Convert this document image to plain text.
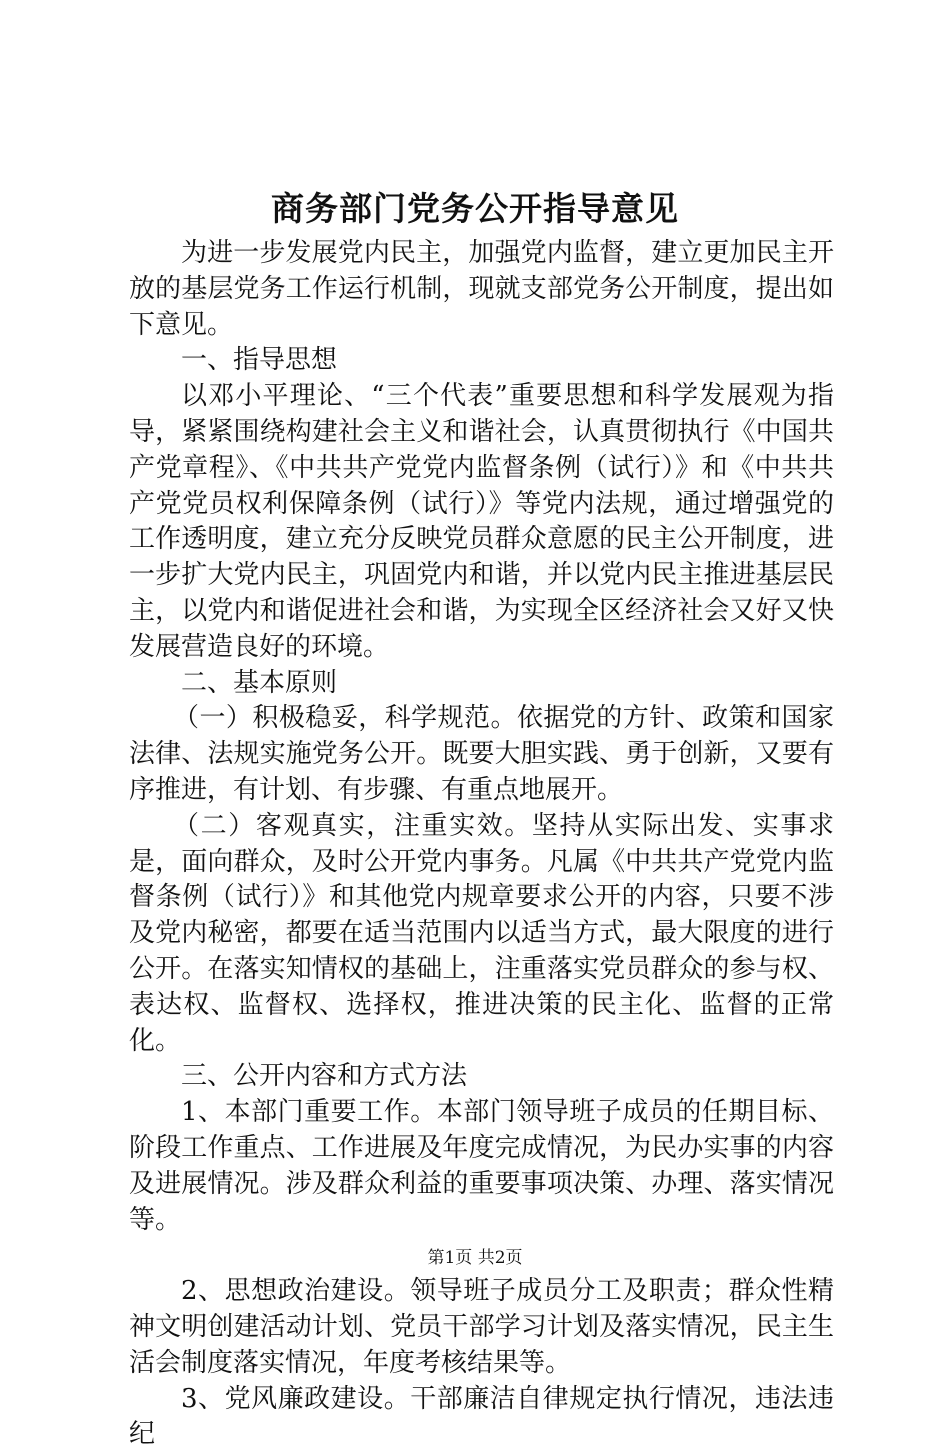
商务部门党务公开指导意见

为进一步发展党内民主，加强党内监督，建立更加民主开放的基层党务工作运行机制，现就支部党务公开制度，提出如下意见。

一、指导思想

以邓小平理论、“三个代表”重要思想和科学发展观为指导，紧紧围绕构建社会主义和谐社会，认真贯彻执行《中国共产党章程》、《中共共产党党内监督条例（试行）》和《中共共产党党员权利保障条例（试行）》等党内法规，通过增强党的工作透明度，建立充分反映党员群众意愿的民主公开制度，进一步扩大党内民主，巩固党内和谐，并以党内民主推进基层民主，以党内和谐促进社会和谐，为实现全区经济社会又好又快发展营造良好的环境。

二、基本原则

（一）积极稳妥，科学规范。依据党的方针、政策和国家法律、法规实施党务公开。既要大胆实践、勇于创新，又要有序推进，有计划、有步骤、有重点地展开。

（二）客观真实，注重实效。坚持从实际出发、实事求是，面向群众，及时公开党内事务。凡属《中共共产党党内监督条例（试行）》和其他党内规章要求公开的内容，只要不涉及党内秘密，都要在适当范围内以适当方式，最大限度的进行公开。在落实知情权的基础上，注重落实党员群众的参与权、表达权、监督权、选择权，推进决策的民主化、监督的正常化。

三、公开内容和方式方法

1、本部门重要工作。本部门领导班子成员的任期目标、阶段工作重点、工作进展及年度完成情况，为民办实事的内容及进展情况。涉及群众利益的重要事项决策、办理、落实情况等。

2、思想政治建设。领导班子成员分工及职责；群众性精神文明创建活动计划、党员干部学习计划及落实情况，民主生活会制度落实情况，年度考核结果等。

3、党风廉政建设。干部廉洁自律规定执行情况，违法违纪

第1页 共2页
